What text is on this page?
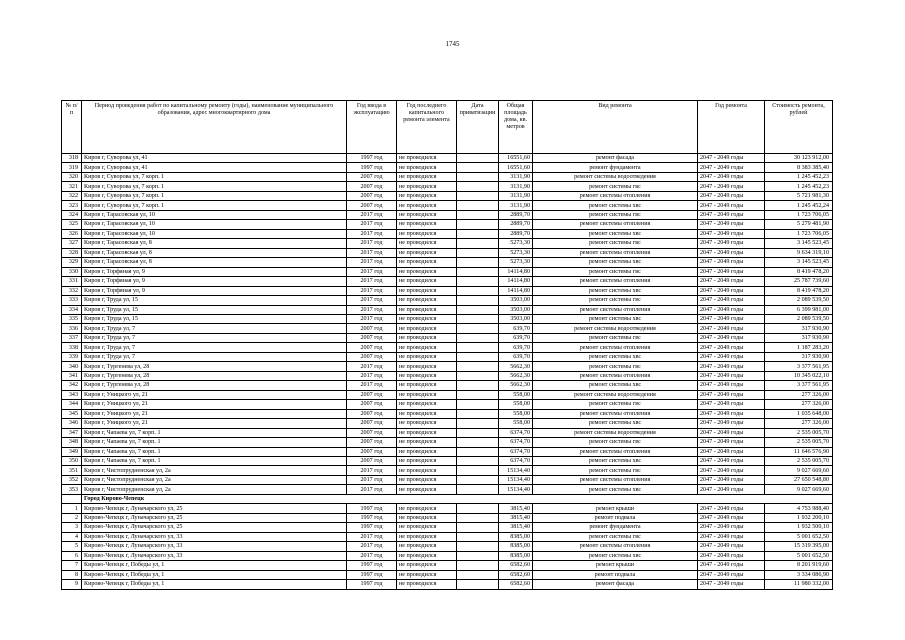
1745
№ п/п	Период проведения работ по капитальному ремонту (годы), наименование муниципального образования, адрес многоквартирного дома	Год ввода в эксплуатацию	Год последнего капитального ремонта элемента	Дата приватизации	Общая площадь дома, кв. метров	Вид ремонта	Год ремонта	Стоимость ремонта, рублей
318	Киров г, Суворова ул, 41	1997 год	не проводился		16551,60	ремонт фасада	2047 - 2049 годы	30 123 912,00
319	Киров г, Суворова ул, 41	1997 год	не проводился		16551,60	ремонт фундамента	2047 - 2049 годы	8 383 385,40
320	Киров г, Суворова ул, 7 корп. 1	2007 год	не проводился		3131,90	ремонт системы водоотведения	2047 - 2049 годы	1 245 452,23
321	Киров г, Суворова ул, 7 корп. 1	2007 год	не проводился		3131,90	ремонт системы гвс	2047 - 2049 годы	1 245 452,23
322	Киров г, Суворова ул, 7 корп. 1	2007 год	не проводился		3131,90	ремонт системы отопления	2047 - 2049 годы	5 721 981,30
323	Киров г, Суворова ул, 7 корп. 1	2007 год	не проводился		3131,90	ремонт системы хвс	2047 - 2049 годы	1 245 452,24
324	Киров г, Тарасовская ул, 10	2017 год	не проводился		2889,70	ремонт системы гвс	2047 - 2049 годы	1 723 706,05
325	Киров г, Тарасовская ул, 10	2017 год	не проводился		2889,70	ремонт системы отопления	2047 - 2049 годы	5 279 481,90
326	Киров г, Тарасовская ул, 10	2017 год	не проводился		2889,70	ремонт системы хвс	2047 - 2049 годы	1 723 706,05
327	Киров г, Тарасовская ул, 8	2017 год	не проводился		5273,30	ремонт системы гвс	2047 - 2049 годы	3 145 523,45
328	Киров г, Тарасовская ул, 8	2017 год	не проводился		5273,30	ремонт системы отопления	2047 - 2049 годы	9 634 319,10
329	Киров г, Тарасовская ул, 8	2017 год	не проводился		5273,30	ремонт системы хвс	2047 - 2049 годы	3 145 523,45
330	Киров г, Торфяная ул, 9	2017 год	не проводился		14114,80	ремонт системы гвс	2047 - 2049 годы	8 419 478,20
331	Киров г, Торфяная ул, 9	2017 год	не проводился		14114,80	ремонт системы отопления	2047 - 2049 годы	25 787 739,60
332	Киров г, Торфяная ул, 9	2017 год	не проводился		14114,80	ремонт системы хвс	2047 - 2049 годы	8 419 478,20
333	Киров г, Труда ул, 15	2017 год	не проводился		3503,00	ремонт системы гвс	2047 - 2049 годы	2 089 539,50
334	Киров г, Труда ул, 15	2017 год	не проводился		3503,00	ремонт системы отопления	2047 - 2049 годы	6 399 981,00
335	Киров г, Труда ул, 15	2017 год	не проводился		3503,00	ремонт системы хвс	2047 - 2049 годы	2 089 539,50
336	Киров г, Труда ул, 7	2007 год	не проводился		639,70	ремонт системы водоотведения	2047 - 2049 годы	317 930,90
337	Киров г, Труда ул, 7	2007 год	не проводился		639,70	ремонт системы гвс	2047 - 2049 годы	317 930,90
338	Киров г, Труда ул, 7	2007 год	не проводился		639,70	ремонт системы отопления	2047 - 2049 годы	1 187 283,20
339	Киров г, Труда ул, 7	2007 год	не проводился		639,70	ремонт системы хвс	2047 - 2049 годы	317 930,90
340	Киров г, Тургенева ул, 28	2017 год	не проводился		5662,30	ремонт системы гвс	2047 - 2049 годы	3 377 561,95
341	Киров г, Тургенева ул, 28	2017 год	не проводился		5662,30	ремонт системы отопления	2047 - 2049 годы	10 345 022,10
342	Киров г, Тургенева ул, 28	2017 год	не проводился		5662,30	ремонт системы хвс	2047 - 2049 годы	3 377 561,95
343	Киров г, Уницкого ул, 21	2007 год	не проводился		558,00	ремонт системы водоотведения	2047 - 2049 годы	277 326,00
344	Киров г, Уницкого ул, 21	2007 год	не проводился		558,00	ремонт системы гвс	2047 - 2049 годы	277 326,00
345	Киров г, Уницкого ул, 21	2007 год	не проводился		558,00	ремонт системы отопления	2047 - 2049 годы	1 035 648,00
346	Киров г, Уницкого ул, 21	2007 год	не проводился		558,00	ремонт системы хвс	2047 - 2049 годы	277 326,00
347	Киров г, Чапаева ул, 7 корп. 1	2007 год	не проводился		6374,70	ремонт системы водоотведения	2047 - 2049 годы	2 535 005,70
348	Киров г, Чапаева ул, 7 корп. 1	2007 год	не проводился		6374,70	ремонт системы гвс	2047 - 2049 годы	2 535 005,70
349	Киров г, Чапаева ул, 7 корп. 1	2007 год	не проводился		6374,70	ремонт системы отопления	2047 - 2049 годы	11 646 576,90
350	Киров г, Чапаева ул, 7 корп. 1	2007 год	не проводился		6374,70	ремонт системы хвс	2047 - 2049 годы	2 535 005,70
351	Киров г, Чистопрудненская ул, 2а	2017 год	не проводился		15134,40	ремонт системы гвс	2047 - 2049 годы	9 027 669,60
352	Киров г, Чистопрудненская ул, 2а	2017 год	не проводился		15134,40	ремонт системы отопления	2047 - 2049 годы	27 650 548,80
353	Киров г, Чистопрудненская ул, 2а	2017 год	не проводился		15134,40	ремонт системы хвс	2047 - 2049 годы	9 027 669,60
	Город Кирово-Чепецк							
1	Кирово-Чепецк г, Луначарского ул, 25	1997 год	не проводился		3815,40	ремонт крыши	2047 - 2049 годы	4 753 988,40
2	Кирово-Чепецк г, Луначарского ул, 25	1997 год	не проводился		3815,40	ремонт подвала	2047 - 2049 годы	1 932 200,10
3	Кирово-Чепецк г, Луначарского ул, 25	1997 год	не проводился		3815,40	ремонт фундамента	2047 - 2049 годы	1 932 500,10
4	Кирово-Чепецк г, Луначарского ул, 33	2017 год	не проводился		8385,00	ремонт системы гвс	2047 - 2049 годы	5 001 652,50
5	Кирово-Чепецк г, Луначарского ул, 33	2017 год	не проводился		8385,00	ремонт системы отопления	2047 - 2049 годы	15 319 395,00
6	Кирово-Чепецк г, Луначарского ул, 33	2017 год	не проводился		8385,00	ремонт системы хвс	2047 - 2049 годы	5 001 652,50
7	Кирово-Чепецк г, Победы ул, 1	1997 год	не проводился		6582,60	ремонт крыши	2047 - 2049 годы	8 201 919,60
8	Кирово-Чепецк г, Победы ул, 1	1997 год	не проводился		6582,60	ремонт подвала	2047 - 2049 годы	3 334 086,90
9	Кирово-Чепецк г, Победы ул, 1	1997 год	не проводился		6582,60	ремонт фасада	2047 - 2049 годы	11 980 332,00
